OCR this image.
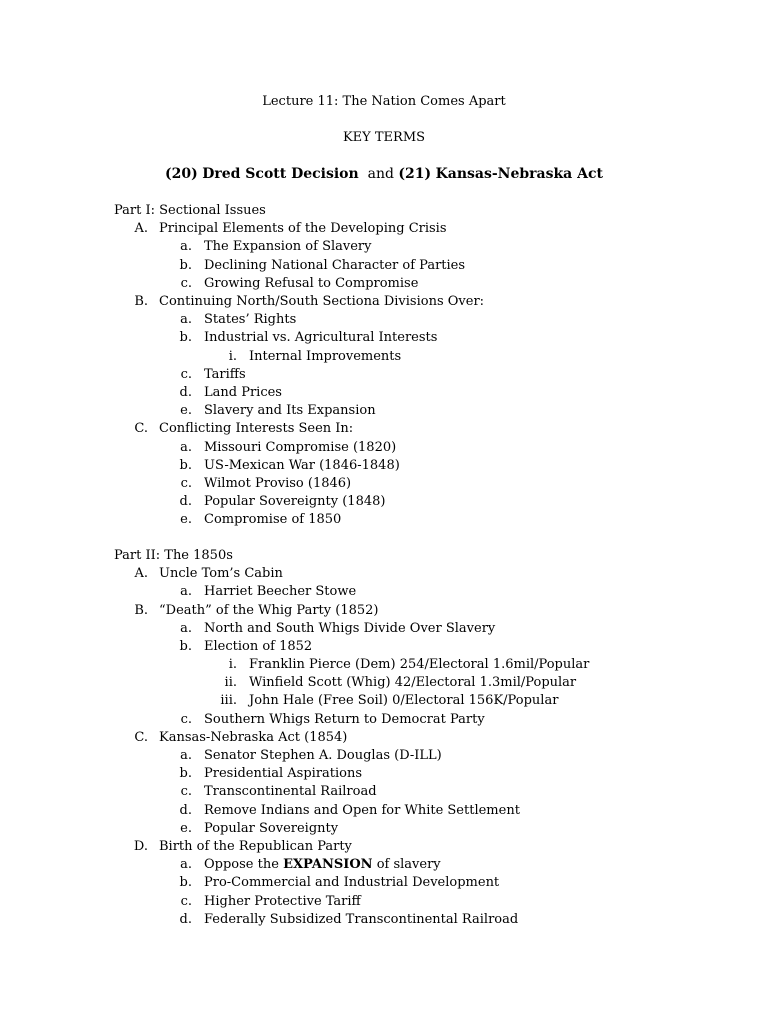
Lecture 11: The Nation Comes Apart
KEY TERMS
(20) Dred Scott Decision and (21) Kansas-Nebraska Act
Part I: Sectional Issues
A. Principal Elements of the Developing Crisis
a. The Expansion of Slavery
b. Declining National Character of Parties
c. Growing Refusal to Compromise
B. Continuing North/South Sectiona Divisions Over:
a. States’ Rights
b. Industrial vs. Agricultural Interests
i. Internal Improvements
c. Tariffs
d. Land Prices
e. Slavery and Its Expansion
C. Conflicting Interests Seen In:
a. Missouri Compromise (1820)
b. US-Mexican War (1846-1848)
c. Wilmot Proviso (1846)
d. Popular Sovereignty (1848)
e. Compromise of 1850
Part II: The 1850s
A. Uncle Tom’s Cabin
a. Harriet Beecher Stowe
B. “Death” of the Whig Party (1852)
a. North and South Whigs Divide Over Slavery
b. Election of 1852
i. Franklin Pierce (Dem) 254/Electoral 1.6mil/Popular
ii. Winfield Scott (Whig) 42/Electoral 1.3mil/Popular
iii. John Hale (Free Soil) 0/Electoral 156K/Popular
c. Southern Whigs Return to Democrat Party
C. Kansas-Nebraska Act (1854)
a. Senator Stephen A. Douglas (D-ILL)
b. Presidential Aspirations
c. Transcontinental Railroad
d. Remove Indians and Open for White Settlement
e. Popular Sovereignty
D. Birth of the Republican Party
a. Oppose the EXPANSION of slavery
b. Pro-Commercial and Industrial Development
c. Higher Protective Tariff
d. Federally Subsidized Transcontinental Railroad
